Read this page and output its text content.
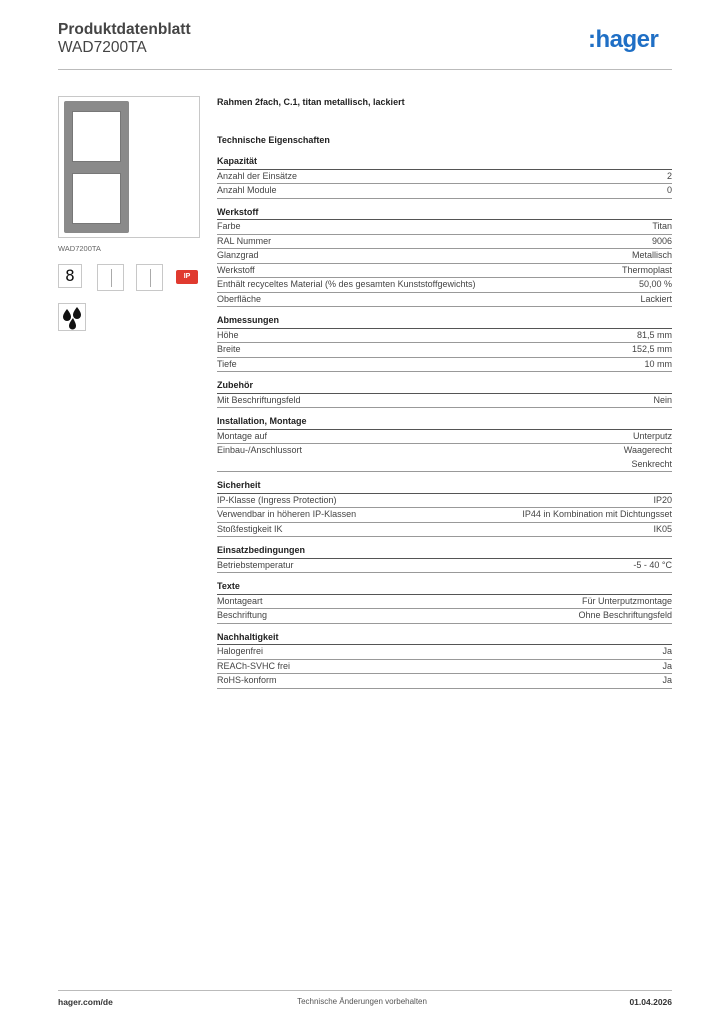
Produktdatenblatt
WAD7200TA	:hager
WAD7200TA
8	IP
Rahmen 2fach, C.1, titan metallisch, lackiert
Technische Eigenschaften
Kapazität
Anzahl der Einsätze	2
Anzahl Module	0
Werkstoff
Farbe	Titan
RAL Nummer	9006
Glanzgrad	Metallisch
Werkstoff	Thermoplast
Enthält recyceltes Material (% des gesamten Kunststoffgewichts)	50,00 %
Oberfläche	Lackiert
Abmessungen
Höhe	81,5 mm
Breite	152,5 mm
Tiefe	10 mm
Zubehör
Mit Beschriftungsfeld	Nein
Installation, Montage
Montage auf	Unterputz
Einbau-/Anschlussort	Waagerecht
Senkrecht
Sicherheit
IP-Klasse (Ingress Protection)	IP20
Verwendbar in höheren IP-Klassen	IP44 in Kombination mit Dichtungsset
Stoßfestigkeit IK	IK05
Einsatzbedingungen
Betriebstemperatur	-5 - 40 °C
Texte
Montageart	Für Unterputzmontage
Beschriftung	Ohne Beschriftungsfeld
Nachhaltigkeit
Halogenfrei	Ja
REACh-SVHC frei	Ja
RoHS-konform	Ja
hager.com/de	Technische Änderungen vorbehalten	01.04.2026
